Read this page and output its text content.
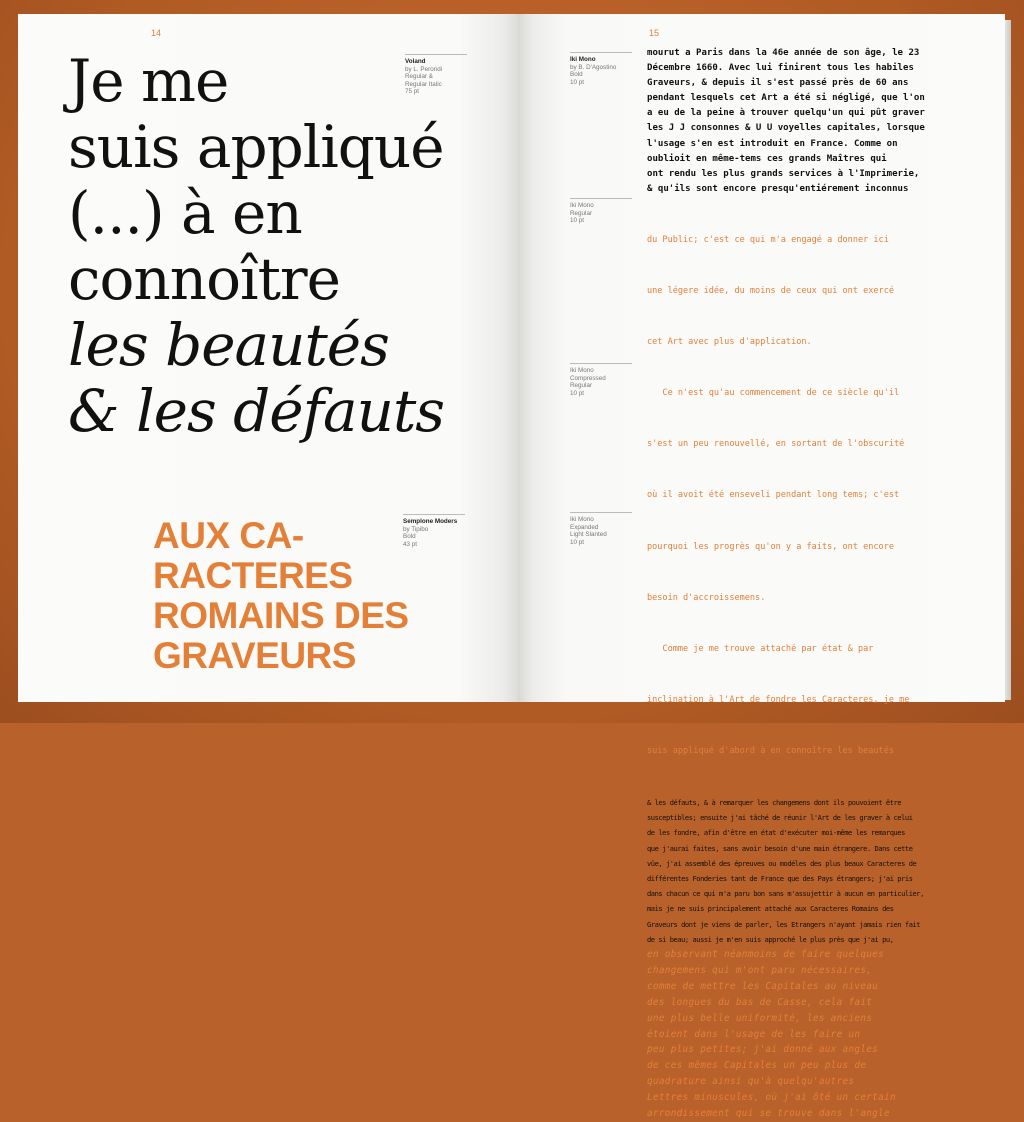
14
Je me
suis appliqué
(...) à en
connoître
les beautés
& les défauts
Voland
by L. Perondi
Regular &
Regular Italic
75 pt
AUX CA-
RACTERES
ROMAINS DES
GRAVEURS
Semplone Moders
by Tipibo
Bold
43 pt
15
Iki Mono
by B. D'Agostino
Bold
10 pt
Iki Mono
Regular
10 pt
Iki Mono
Compressed
Regular
10 pt
Iki Mono
Expanded
Light Slanted
10 pt
mourut a Paris dans la 46e année de son âge, le 23
Décembre 1660. Avec lui finirent tous les habiles
Graveurs, & depuis il s'est passé près de 60 ans
pendant lesquels cet Art a été si négligé, que l'on
a eu de la peine à trouver quelqu'un qui pût graver
les J J consonnes & U U voyelles capitales, lorsque
l'usage s'en est introduit en France. Comme on
oublioit en même-tems ces grands Maîtres qui
ont rendu les plus grands services à l'Imprimerie,
& qu'ils sont encore presqu'entiérement inconnus

du Public; c'est ce qui m'a engagé a donner ici

une légere idée, du moins de ceux qui ont exercé

cet Art avec plus d'application.

Ce n'est qu'au commencement de ce siècle qu'il

s'est un peu renouvellé, en sortant de l'obscurité

où il avoit été enseveli pendant long tems; c'est

pourquoi les progrès qu'on y a faits, ont encore

besoin d'accroissemens.

Comme je me trouve attaché par état & par

inclination à l'Art de fondre les Caracteres, je me

suis appliqué d'abord à en connoître les beautés

& les défauts, & à remarquer les changemens dont ils pouvoient être
susceptibles; ensuite j'ai tâché de réunir l'Art de les graver à celui
de les fondre, afin d'être en état d'exécuter moi-même les remarques
que j'aurai faites, sans avoir besoin d'une main étrangere. Dans cette
vûe, j'ai assemblé des épreuves ou modéles des plus beaux Caracteres de
différentes Fonderies tant de France que des Pays étrangers; j'ai pris
dans chacun ce qui m'a paru bon sans m'assujettir à aucun en particulier,
mais je ne suis principalement attaché aux Caracteres Romains des
Graveurs dont je viens de parler, les Etrangers n'ayant jamais rien fait
de si beau; aussi je m'en suis approché le plus près que j'ai pu,
en observant néanmoins de faire quelques
changemens qui m'ont paru nécessaires,
comme de mettre les Capitales au niveau
des longues du bas de Casse, cela fait
une plus belle uniformité, les anciens
étoient dans l'usage de les faire un
peu plus petites; j'ai donné aux angles
de ces mêmes Capitales un peu plus de
quadrature ainsi qu'à quelqu'autres
Lettres minuscules, où j'ai ôté un certain
arrondissement qui se trouve dans l'angle
